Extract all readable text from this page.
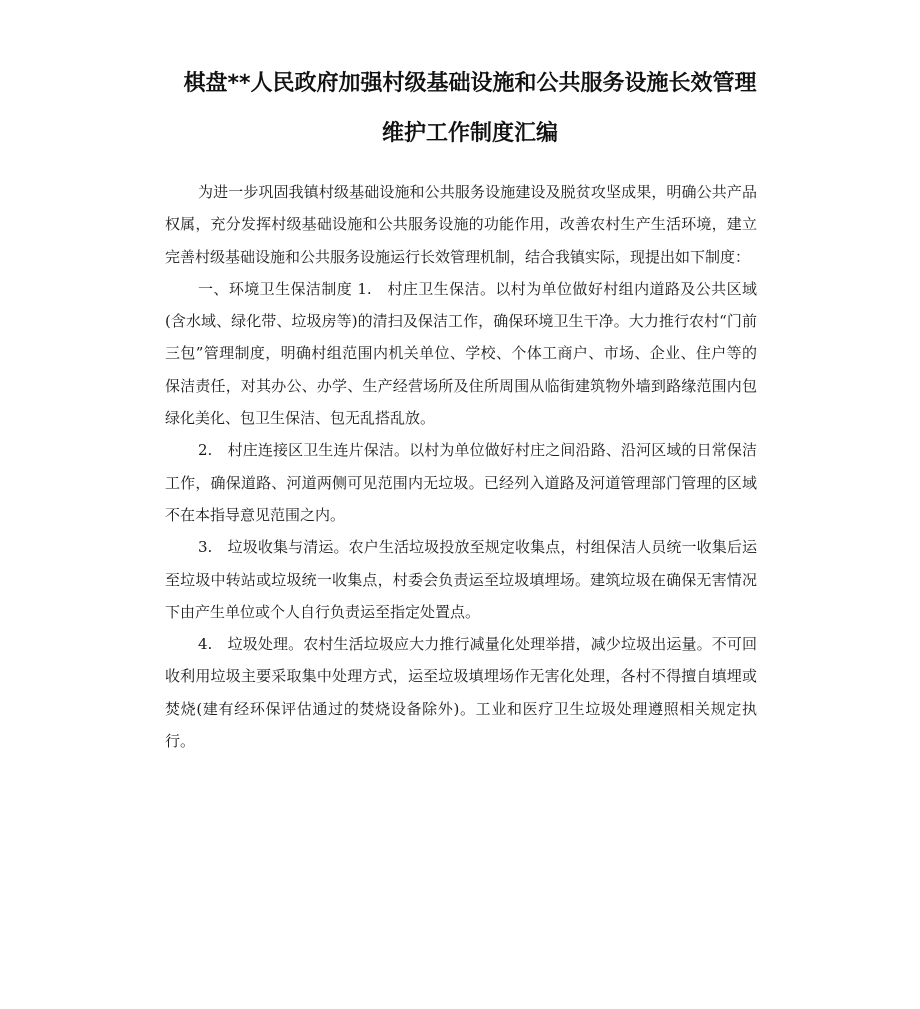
棋盘**人民政府加强村级基础设施和公共服务设施长效管理
维护工作制度汇编

为进一步巩固我镇村级基础设施和公共服务设施建设及脱贫攻坚成果，明确公共产品权属，充分发挥村级基础设施和公共服务设施的功能作用，改善农村生产生活环境，建立完善村级基础设施和公共服务设施运行长效管理机制，结合我镇实际，现提出如下制度：

一、环境卫生保洁制度 1.　村庄卫生保洁。以村为单位做好村组内道路及公共区域(含水域、绿化带、垃圾房等)的清扫及保洁工作，确保环境卫生干净。大力推行农村“门前三包”管理制度，明确村组范围内机关单位、学校、个体工商户、市场、企业、住户等的保洁责任，对其办公、办学、生产经营场所及住所周围从临街建筑物外墙到路缘范围内包绿化美化、包卫生保洁、包无乱搭乱放。

2.　村庄连接区卫生连片保洁。以村为单位做好村庄之间沿路、沿河区域的日常保洁工作，确保道路、河道两侧可见范围内无垃圾。已经列入道路及河道管理部门管理的区域不在本指导意见范围之内。

3.　垃圾收集与清运。农户生活垃圾投放至规定收集点，村组保洁人员统一收集后运至垃圾中转站或垃圾统一收集点，村委会负责运至垃圾填埋场。建筑垃圾在确保无害情况下由产生单位或个人自行负责运至指定处置点。

4.　垃圾处理。农村生活垃圾应大力推行减量化处理举措，减少垃圾出运量。不可回收利用垃圾主要采取集中处理方式，运至垃圾填埋场作无害化处理，各村不得擅自填埋或焚烧(建有经环保评估通过的焚烧设备除外)。工业和医疗卫生垃圾处理遵照相关规定执行。
